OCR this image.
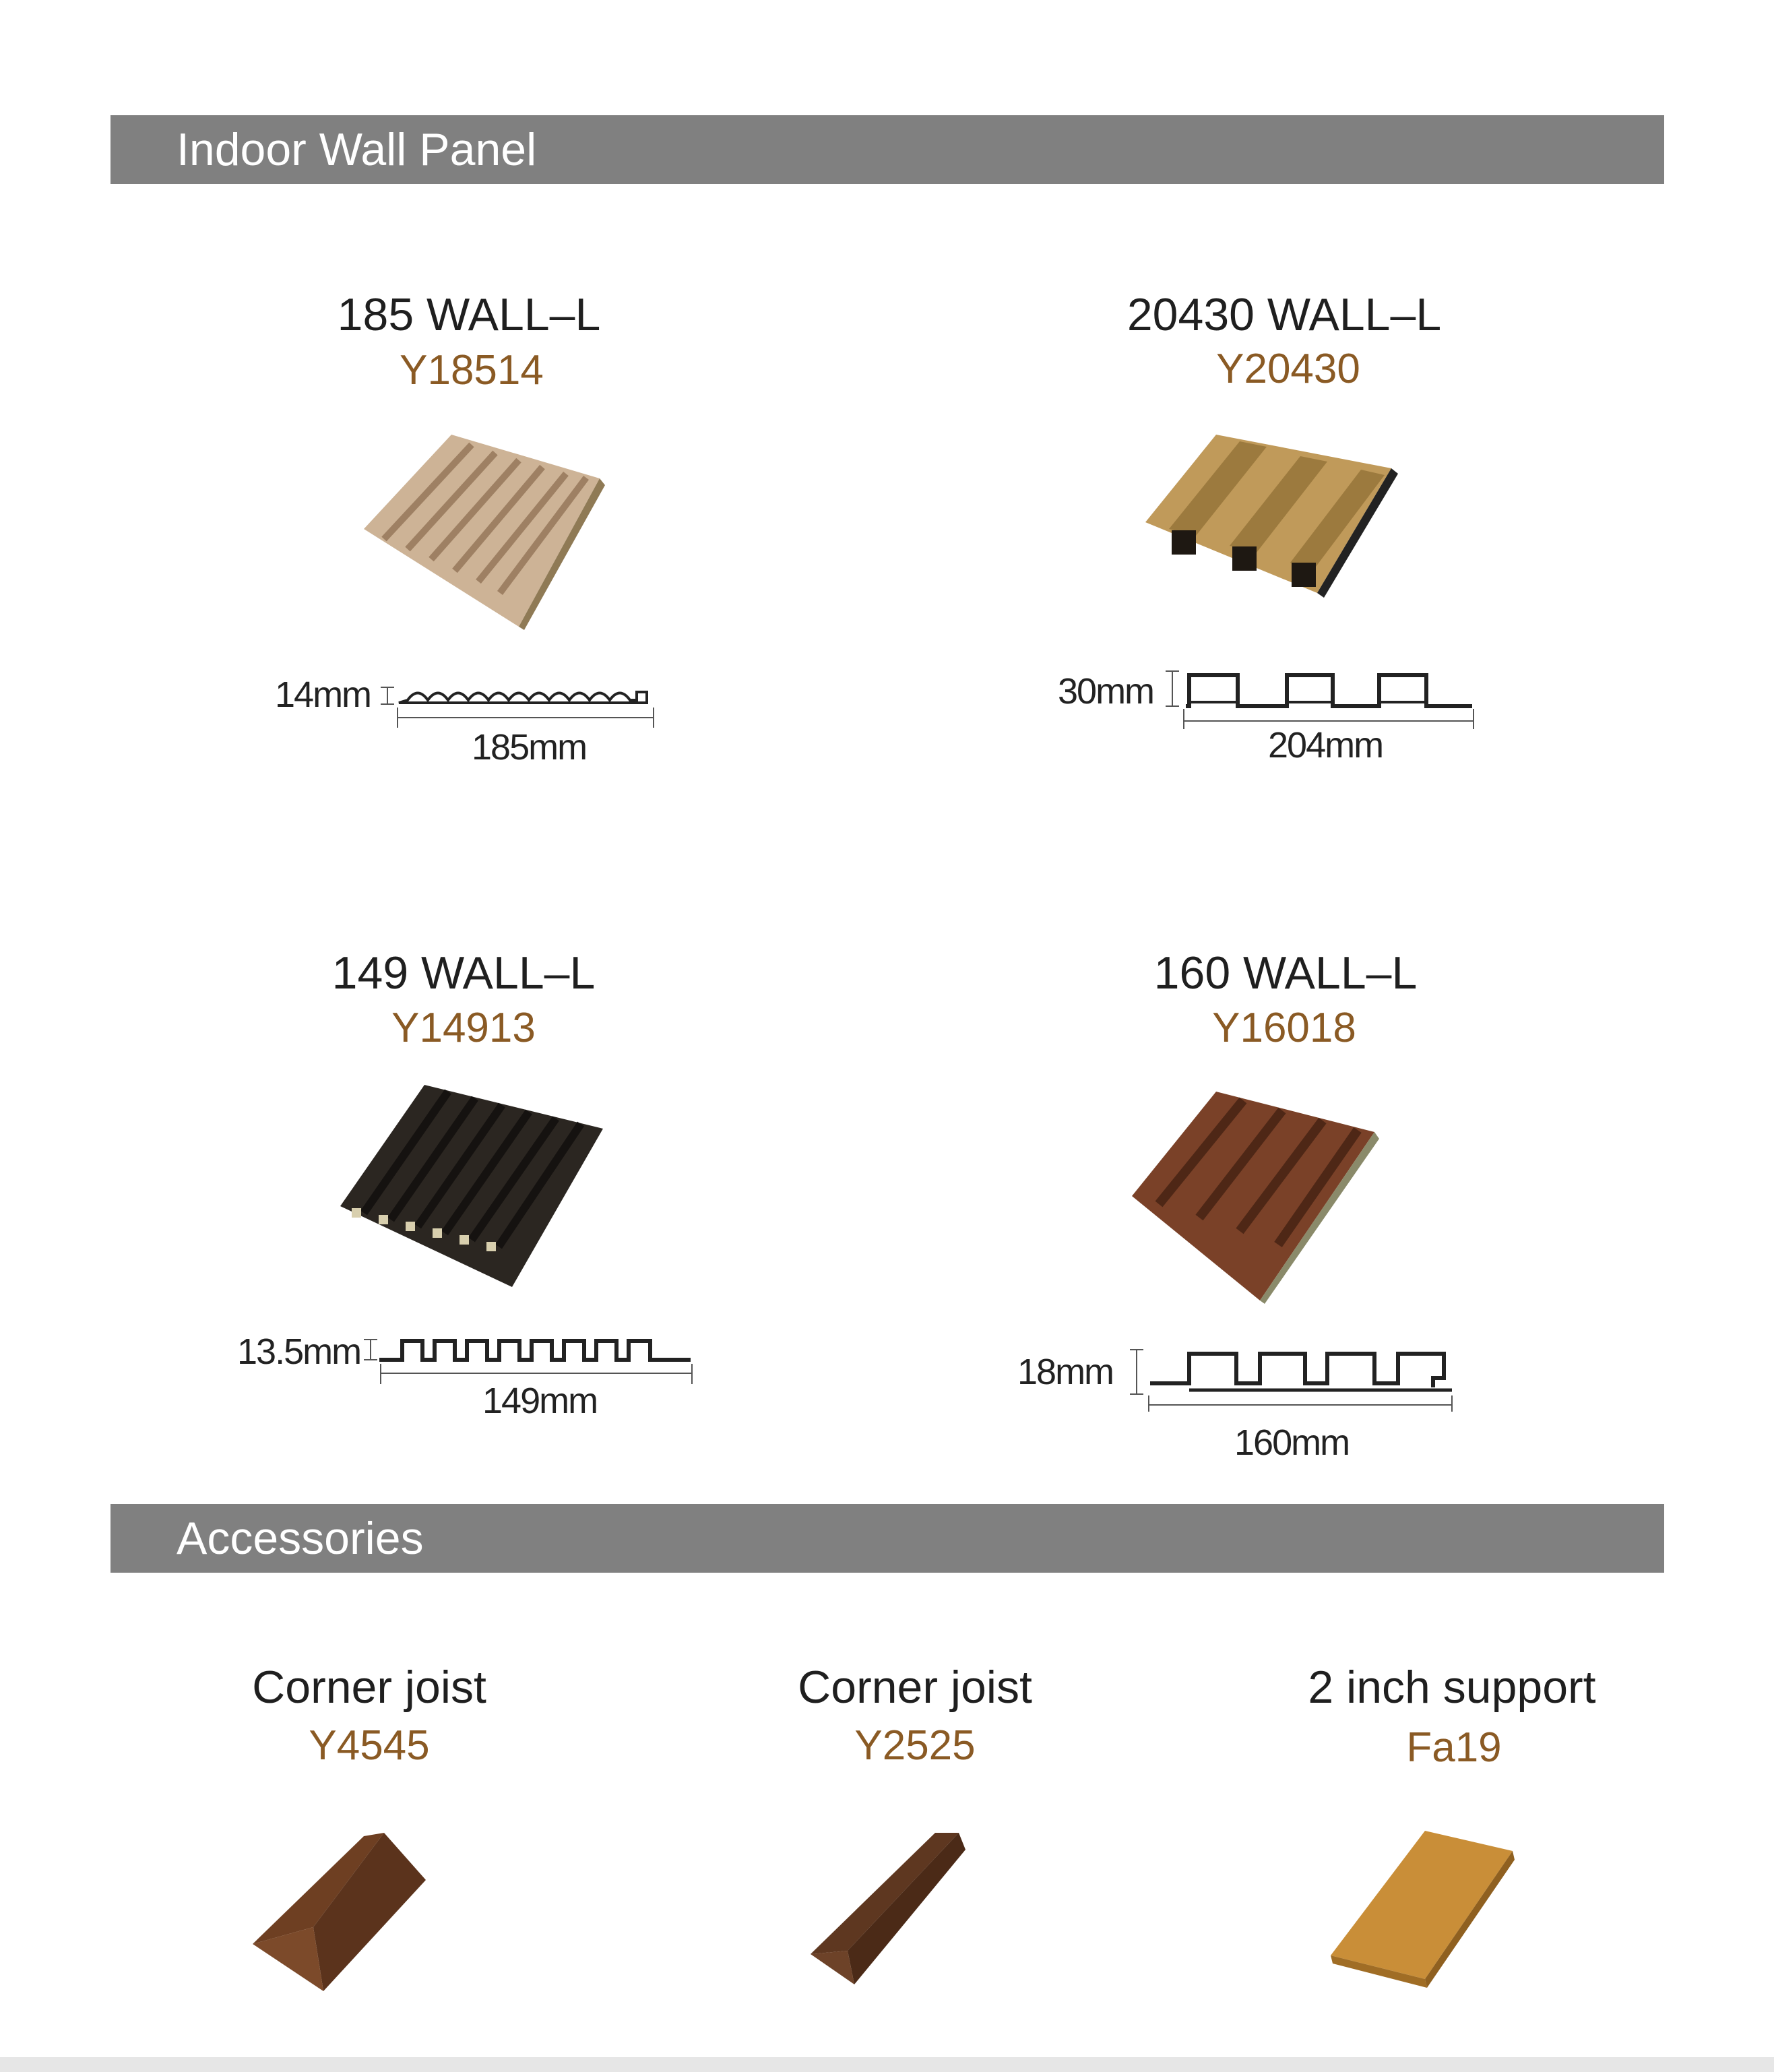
Indoor Wall Panel
185 WALL–L
Y18514
14mm
185mm
20430 WALL–L
Y20430
30mm
204mm
149 WALL–L
Y14913
13.5mm
149mm
160 WALL–L
Y16018
18mm
160mm
Accessories
Corner joist
Y4545
Corner joist
Y2525
2 inch support
Fa19
